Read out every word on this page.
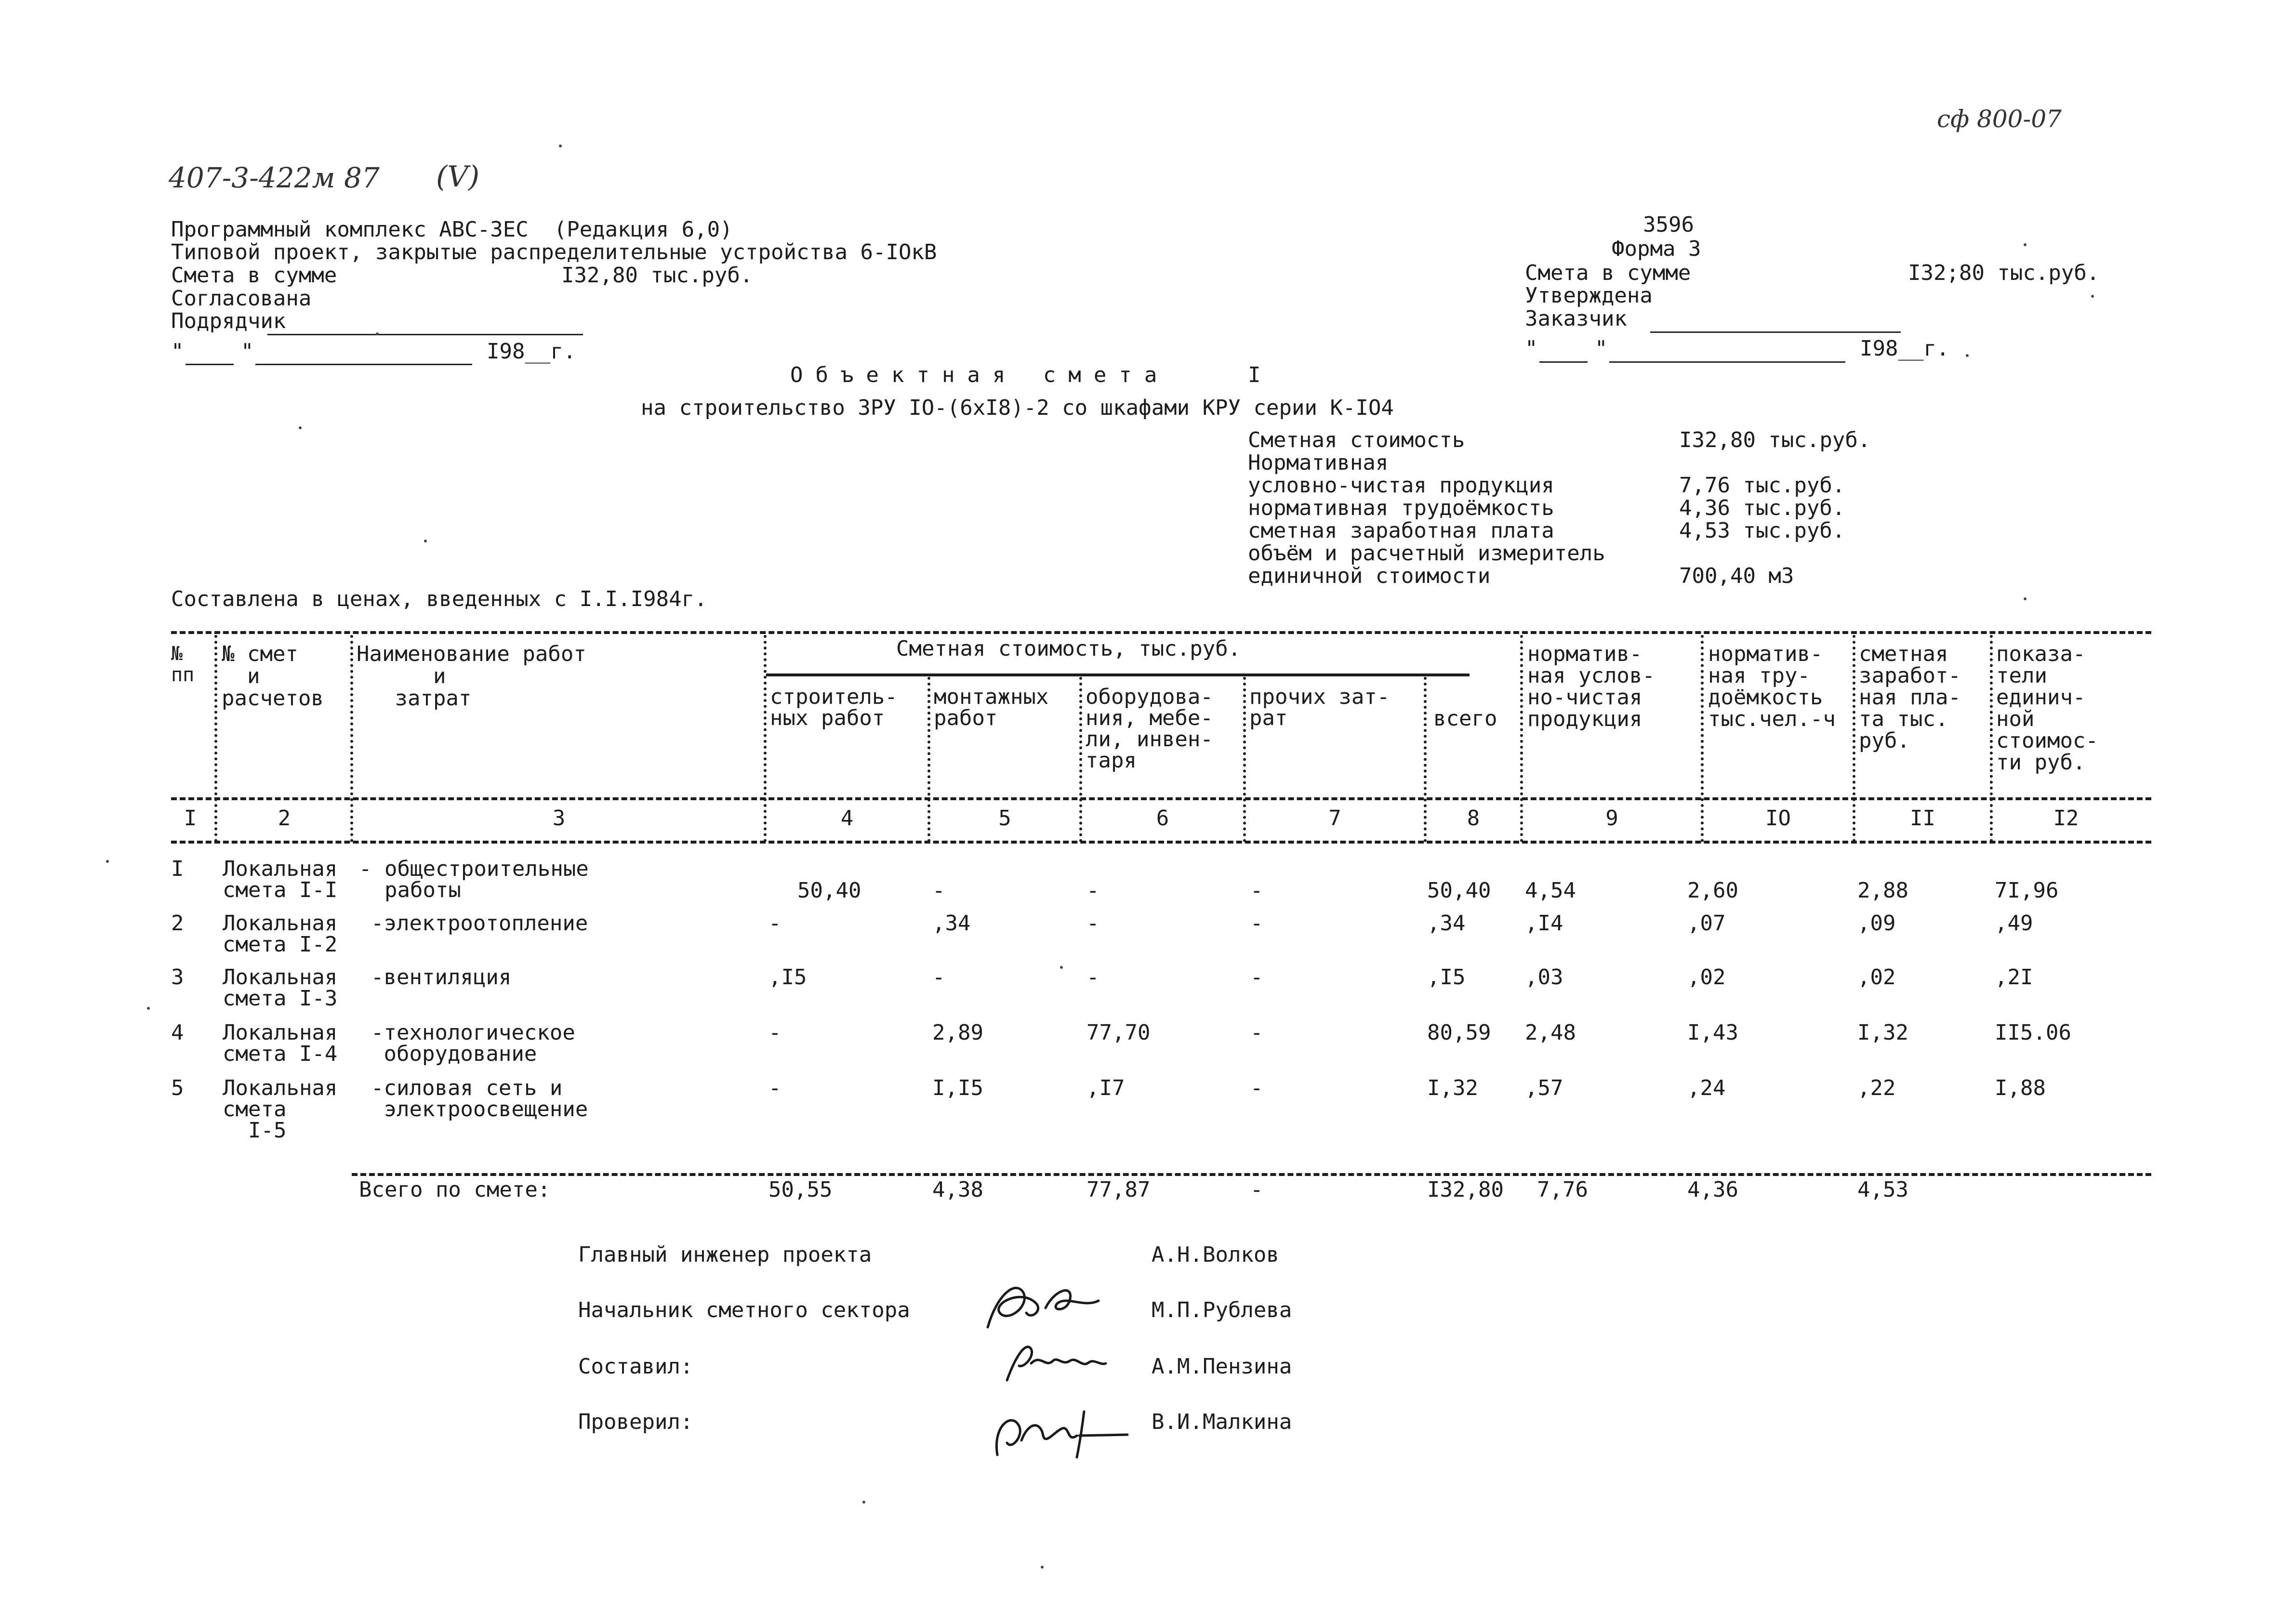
сф 800-07
407-3-422м 87 (V)
Программный комплекс АВС-3ЕС  (Редакция 6,0)
Типовой проект, закрытые распределительные устройства 6-IOкВ
Смета в сумме	I32,80 тыс.руб.
Согласована
Подрядчик
"	"	I98__г.
3596
Форма 3
Смета в сумме	I32;80 тыс.руб.
Утверждена
Заказчик
"	"	I98__г.
Объектная смета	I
на строительство ЗРУ IO-(6xI8)-2 со шкафами КРУ серии К-IO4
Сметная стоимость	I32,80 тыс.руб.
Нормативная
условно-чистая продукция	7,76 тыс.руб.
нормативная трудоёмкость	4,36 тыс.руб.
сметная заработная плата	4,53 тыс.руб.
объём и расчетный измеритель
единичной стоимости	700,40 м3
Составлена в ценах, введенных с I.I.I984г.
№
пп
№ смет
и
расчетов
Наименование работ
и
затрат
Сметная стоимость, тыс.руб.
строитель-
ных работ
монтажных
работ
оборудова-
ния, мебе-
ли, инвен-
таря
прочих зат-
рат	всего
норматив-
ная услов-
но-чистая
продукция
норматив-
ная тру-
доёмкость
тыс.чел.-ч
сметная
заработ-
ная пла-
та тыс.
руб.
показа-
тели
единич-
ной
стоимос-
ти руб.
I	2	3	4	5	6	7	8	9	IO	II	I2
I Локальная
смета I-I
- общестроительные
работы	50,40	-	-	-	50,40 4,54	2,60	2,88	7I,96
2 Локальная
смета I-2
-электроотопление	-	,34	-	-	,34	,I4	,07	,09	,49
3 Локальная
смета I-3
-вентиляция	,I5	-	-	-	,I5	,03	,02	,02	,2I
4 Локальная
смета I-4
-технологическое
оборудование
-	2,89	77,70	-	80,59 2,48	I,43	I,32	II5.06
5 Локальная
смета
I-5
-силовая сеть и
электроосвещение
-	I,I5	,I7	-	I,32 ,57	,24	,22	I,88
Всего по смете:	50,55	4,38	77,87	-	I32,80 7,76	4,36	4,53
Главный инженер проекта	А.Н.Волков
Начальник сметного сектора	М.П.Рублева
Составил:	А.М.Пензина
Проверил:	В.И.Малкина
